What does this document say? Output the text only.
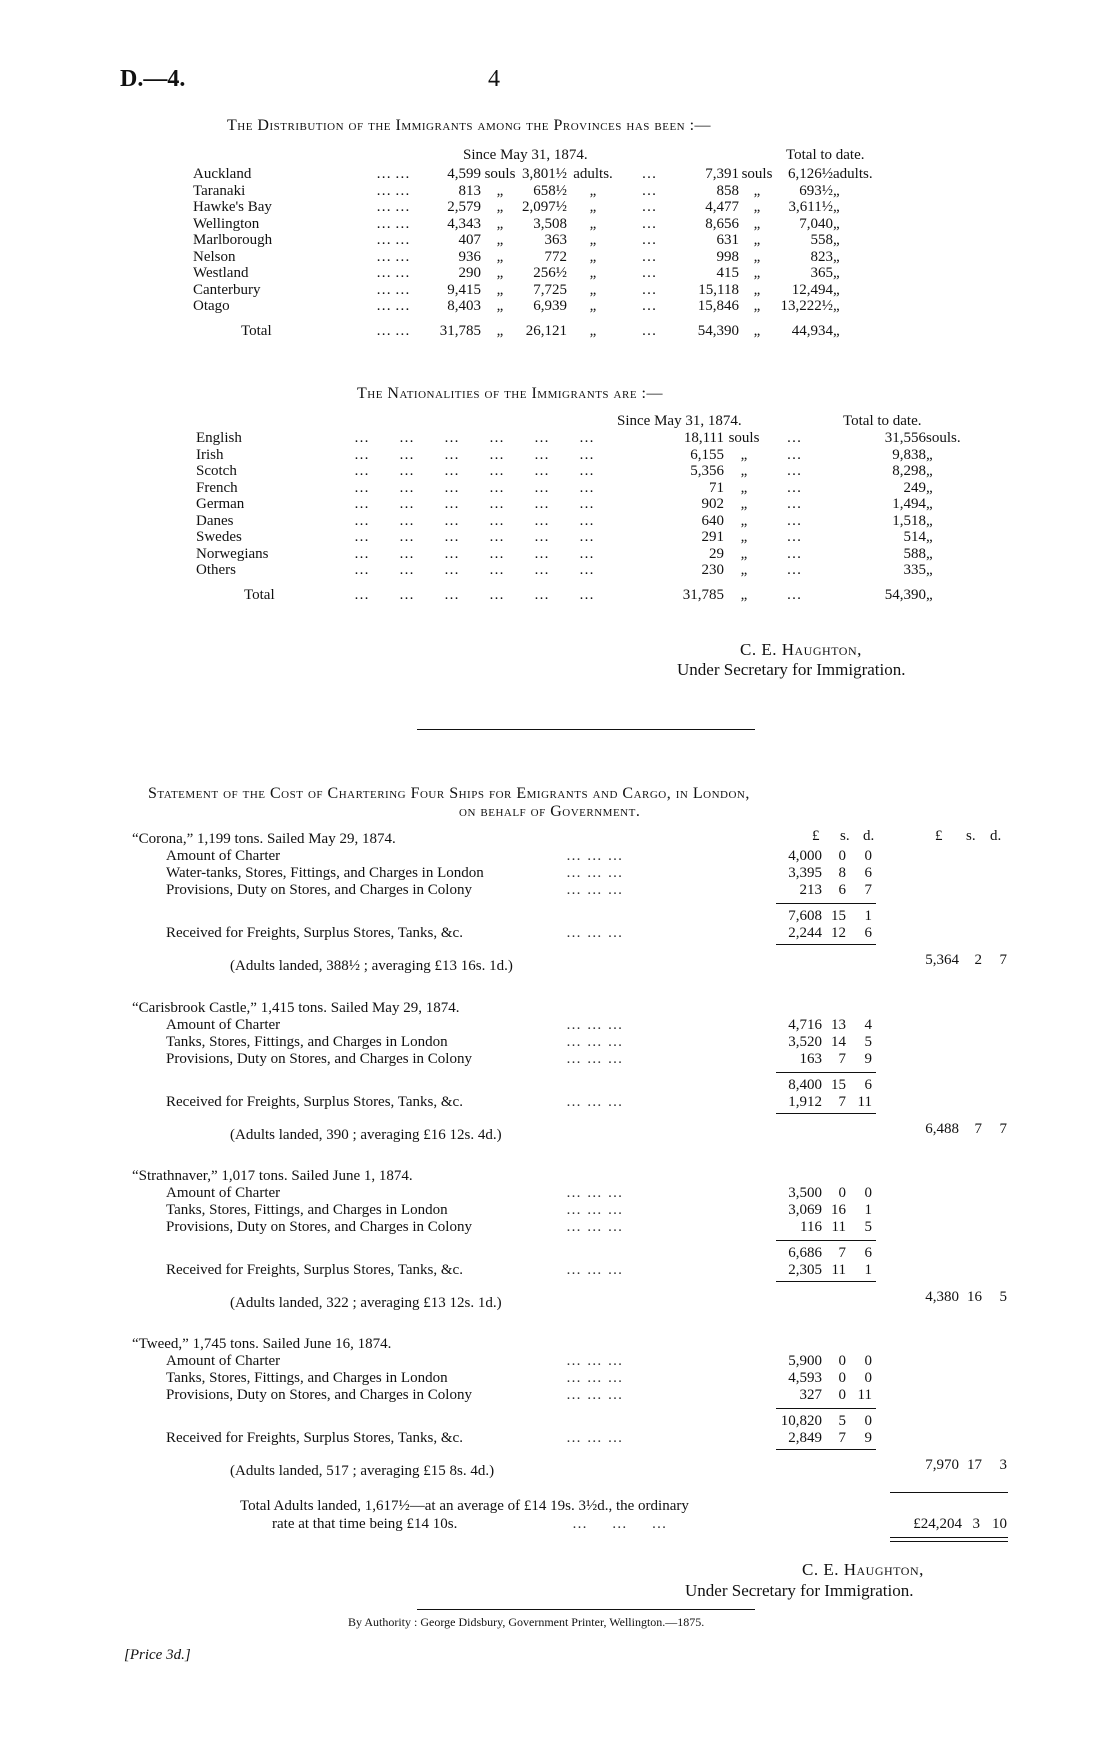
D.—4.	4
The Distribution of the Immigrants among the Provinces has been :—
Since May 31, 1874.	Total to date.
Auckland	… …	4,599	souls	3,801½	adults.	…	7,391	souls	6,126½	adults.
Taranaki	… …	813	„	658½	„	…	858	„	693½	„
Hawke's Bay	… …	2,579	„	2,097½	„	…	4,477	„	3,611½	„
Wellington	… …	4,343	„	3,508	„	…	8,656	„	7,040	„
Marlborough	… …	407	„	363	„	…	631	„	558	„
Nelson	… …	936	„	772	„	…	998	„	823	„
Westland	… …	290	„	256½	„	…	415	„	365	„
Canterbury	… …	9,415	„	7,725	„	…	15,118	„	12,494	„
Otago	… …	8,403	„	6,939	„	…	15,846	„	13,222½	„
Total	… …	31,785	„	26,121	„	…	54,390	„	44,934	„
The Nationalities of the Immigrants are :—
Since May 31, 1874.	Total to date.
English	…        …        …        …        …        …	18,111	souls	…	31,556	souls.
Irish	…        …        …        …        …        …	6,155	„	…	9,838	„
Scotch	…        …        …        …        …        …	5,356	„	…	8,298	„
French	…        …        …        …        …        …	71	„	…	249	„
German	…        …        …        …        …        …	902	„	…	1,494	„
Danes	…        …        …        …        …        …	640	„	…	1,518	„
Swedes	…        …        …        …        …        …	291	„	…	514	„
Norwegians	…        …        …        …        …        …	29	„	…	588	„
Others	…        …        …        …        …        …	230	„	…	335	„
Total	…        …        …        …        …        …	31,785	„	…	54,390	„
C. E. Haughton,
Under Secretary for Immigration.
Statement of the Cost of Chartering Four Ships for Emigrants and Cargo, in London,
on behalf of Government.
£ s. d.	£ s. d.
“Corona,” 1,199 tons. Sailed May 29, 1874.
Amount of Charter	… … …	4,000	0	0
Water-tanks, Stores, Fittings, and Charges in London	… … …	3,395	8	6
Provisions, Duty on Stores, and Charges in Colony	… … …	213	6	7
7,608 15	1
Received for Freights, Surplus Stores, Tanks, &c.	… … …	2,244 12	6
5,364	2	7
(Adults landed, 388½ ; averaging £13 16s. 1d.)
“Carisbrook Castle,” 1,415 tons. Sailed May 29, 1874.
Amount of Charter	… … …	4,716 13	4
Tanks, Stores, Fittings, and Charges in London	… … …	3,520 14	5
Provisions, Duty on Stores, and Charges in Colony	… … …	163	7	9
8,400 15	6
Received for Freights, Surplus Stores, Tanks, &c.	… … …	1,912	7 11
6,488	7	7
(Adults landed, 390 ; averaging £16 12s. 4d.)
“Strathnaver,” 1,017 tons. Sailed June 1, 1874.
Amount of Charter	… … …	3,500	0	0
Tanks, Stores, Fittings, and Charges in London	… … …	3,069 16	1
Provisions, Duty on Stores, and Charges in Colony	… … …	116 11	5
6,686	7	6
Received for Freights, Surplus Stores, Tanks, &c.	… … …	2,305 11	1
4,380 16	5
(Adults landed, 322 ; averaging £13 12s. 1d.)
“Tweed,” 1,745 tons. Sailed June 16, 1874.
Amount of Charter	… … …	5,900	0	0
Tanks, Stores, Fittings, and Charges in London	… … …	4,593	0	0
Provisions, Duty on Stores, and Charges in Colony	… … …	327	0 11
10,820	5	0
Received for Freights, Surplus Stores, Tanks, &c.	… … …	2,849	7	9
7,970 17	3
(Adults landed, 517 ; averaging £15 8s. 4d.)
Total Adults landed, 1,617½—at an average of £14 19s. 3½d., the ordinary
rate at that time being £14 10s.	…     …     …	£24,204 3 10
C. E. Haughton,
Under Secretary for Immigration.
By Authority : George Didsbury, Government Printer, Wellington.—1875.
[Price 3d.]
